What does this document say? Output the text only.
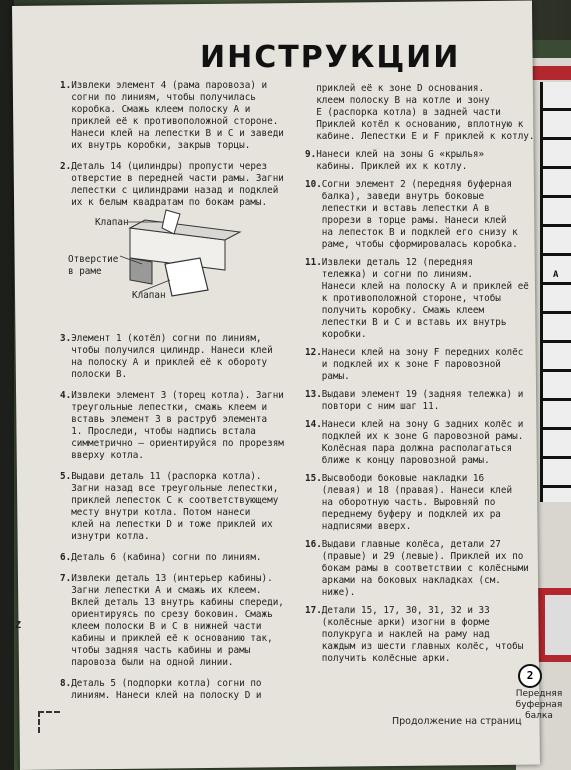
А
ИНСТРУКЦИИ
1.Извлеки элемент 4 (рама паровоза) и
согни по линиям, чтобы получилась
коробка. Смажь клеем полоску А и
приклей её к противоположной стороне.
Нанеси клей на лепестки В и С и заведи
их внутрь коробки, закрыв торцы.
2.Деталь 14 (цилиндры) пропусти через
отверстие в передней части рамы. Загни
лепестки с цилиндрами назад и подклей
их к белым квадратам по бокам рамы.
3.Элемент 1 (котёл) согни по линиям,
чтобы получился цилиндр. Нанеси клей
на полоску А и приклей её к обороту
полоски В.
4.Извлеки элемент 3 (торец котла). Загни
треугольные лепестки, смажь клеем и
вставь элемент 3 в раструб элемента
1. Проследи, чтобы надпись встала
симметрично – ориентируйся по прорезям
вверху котла.
5.Выдави деталь 11 (распорка котла).
Загни назад все треугольные лепестки,
приклей лепесток С к соответствующему
месту внутри котла. Потом нанеси
клей на лепестки D и тоже приклей их
изнутри котла.
6.Деталь 6 (кабина) согни по линиям.
7.Извлеки деталь 13 (интерьер кабины).
Загни лепестки А и смажь их клеем.
Вклей деталь 13 внутрь кабины спереди,
ориентируясь по срезу боковин. Смажь
клеем полоски В и С в нижней части
кабины и приклей её к основанию так,
чтобы задняя часть кабины и рамы
паровоза были на одной линии.
8.Деталь 5 (подпорки котла) согни по
линиям. Нанеси клей на полоску D и
приклей её к зоне D основания.
клеем полоску В на котле и зону
Е (распорка котла) в задней части
Приклей котёл к основанию, вплотную к
кабине. Лепестки Е и F приклей к котлу.
9.Нанеси клей на зоны G «крылья»
кабины. Приклей их к котлу.
10.Согни элемент 2 (передняя буферная
балка), заведи внутрь боковые
лепестки и вставь лепестки А в
прорези в торце рамы. Нанеси клей
на лепесток В и подклей его снизу к
раме, чтобы сформировалась коробка.
11.Извлеки деталь 12 (передняя
тележка) и согни по линиям.
Нанеси клей на полоску А и приклей её
к противоположной стороне, чтобы
получить коробку. Смажь клеем
лепестки В и С и вставь их внутрь
коробки.
12.Нанеси клей на зону F передних колёс
и подклей их к зоне F паровозной
рамы.
13.Выдави элемент 19 (задняя тележка) и
повтори с ним шаг 11.
14.Нанеси клей на зону G задних колёс и
подклей их к зоне G паровозной рамы.
Колёсная пара должна располагаться
ближе к концу паровозной рамы.
15.Высвободи боковые накладки 16
(левая) и 18 (правая). Нанеси клей
на оборотную часть. Выровняй по
переднему буферу и подклей их ра
надписями вверх.
16.Выдави главные колёса, детали 27
(правые) и 29 (левые). Приклей их по
бокам рамы в соответствии с колёсными
арками на боковых накладках (см.
ниже).
17.Детали 15, 17, 30, 31, 32 и 33
(колёсные арки) изогни в форме
полукруга и наклей на раму над
каждым из шести главных колёс, чтобы
получить колёсные арки.
Клапан
Отверстие
в раме
Клапан
2
Передняя
буферная
балка
Продолжение на страниц
Z
